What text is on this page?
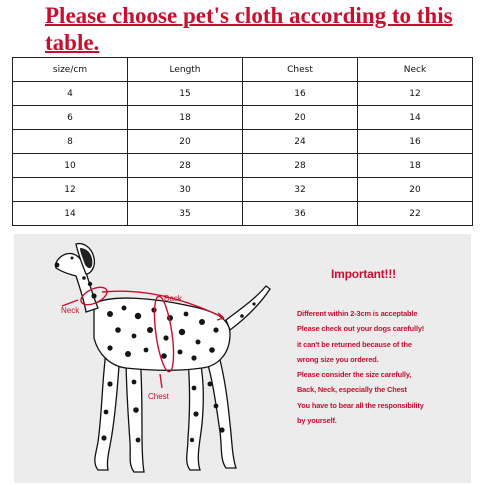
Please choose pet's cloth according to this table.
size/cm	Length	Chest	Neck
4	15	16	12
6	18	20	14
8	20	24	16
10	28	28	18
12	30	32	20
14	35	36	22
Neck
Back
Chest
Important!!!
Different within 2-3cm is acceptable
Please check out your dogs carefully!
it can't be returned because of the
wrong size you ordered.
Please consider the size carefully,
Back, Neck, especially the Chest
You have to bear all the responsibility
by yourself.
